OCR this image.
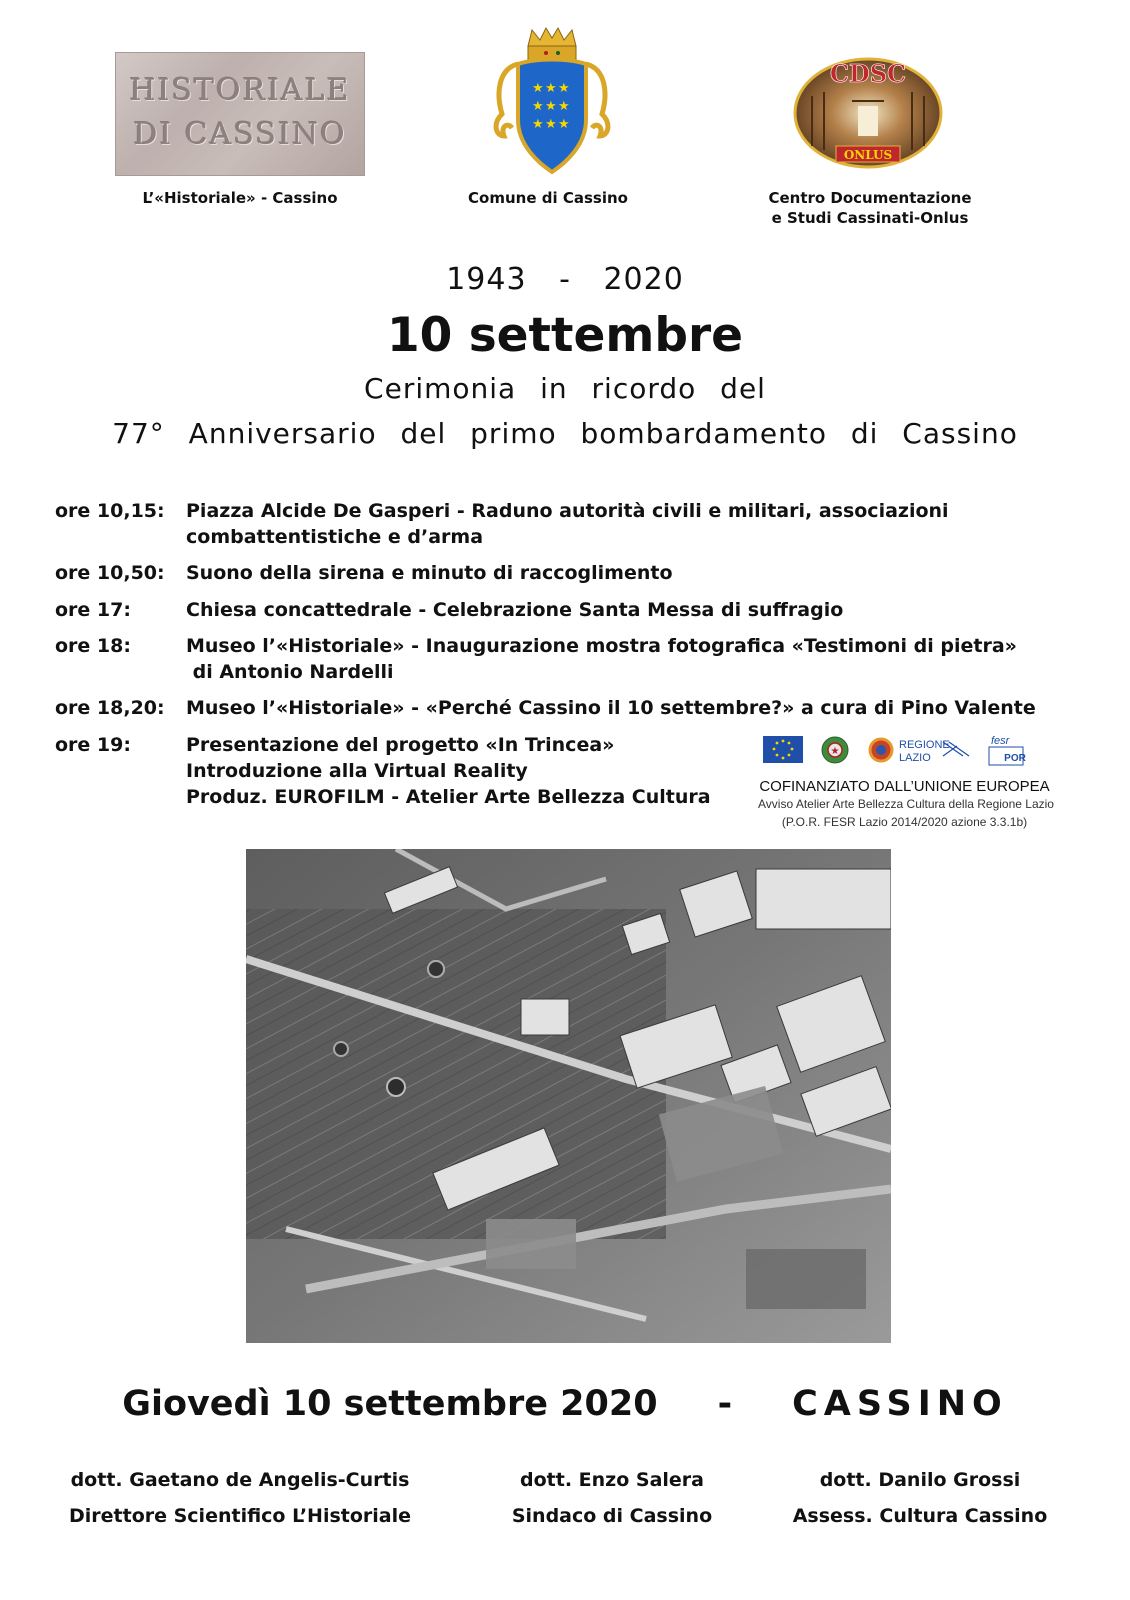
HISTORIALE
DI CASSINO
L’«Historiale» - Cassino
★ ★ ★
★ ★ ★
★ ★ ★
Comune di Cassino
CDSC
ONLUS
Centro Documentazione
e Studi Cassinati-Onlus
1943 - 2020
10 settembre
Cerimonia in ricordo del
77° Anniversario del primo bombardamento di Cassino
ore 10,15: Piazza Alcide De Gasperi - Raduno autorità civili e militari, associazioni
combattentistiche e d’arma
ore 10,50: Suono della sirena e minuto di raccoglimento
ore 17:	Chiesa concattedrale - Celebrazione Santa Messa di suffragio
ore 18:	Museo l’«Historiale» - Inaugurazione mostra fotografica «Testimoni di pietra»
di Antonio Nardelli
ore 18,20: Museo l’«Historiale» - «Perché Cassino il 10 settembre?» a cura di Pino Valente
ore 19:	Presentazione del progetto «In Trincea»
Introduzione alla Virtual Reality
Produz. EUROFILM - Atelier Arte Bellezza Cultura
★
REGIONE
LAZIO
fesr
POR
COFINANZIATO DALL’UNIONE EUROPEA
Avviso Atelier Arte Bellezza Cultura della Regione Lazio
(P.O.R. FESR Lazio 2014/2020 azione 3.3.1b)
Giovedì 10 settembre 2020 - CASSINO
dott. Gaetano de Angelis-Curtis
Direttore Scientifico L’Historiale
dott. Enzo Salera
Sindaco di Cassino
dott. Danilo Grossi
Assess. Cultura Cassino
